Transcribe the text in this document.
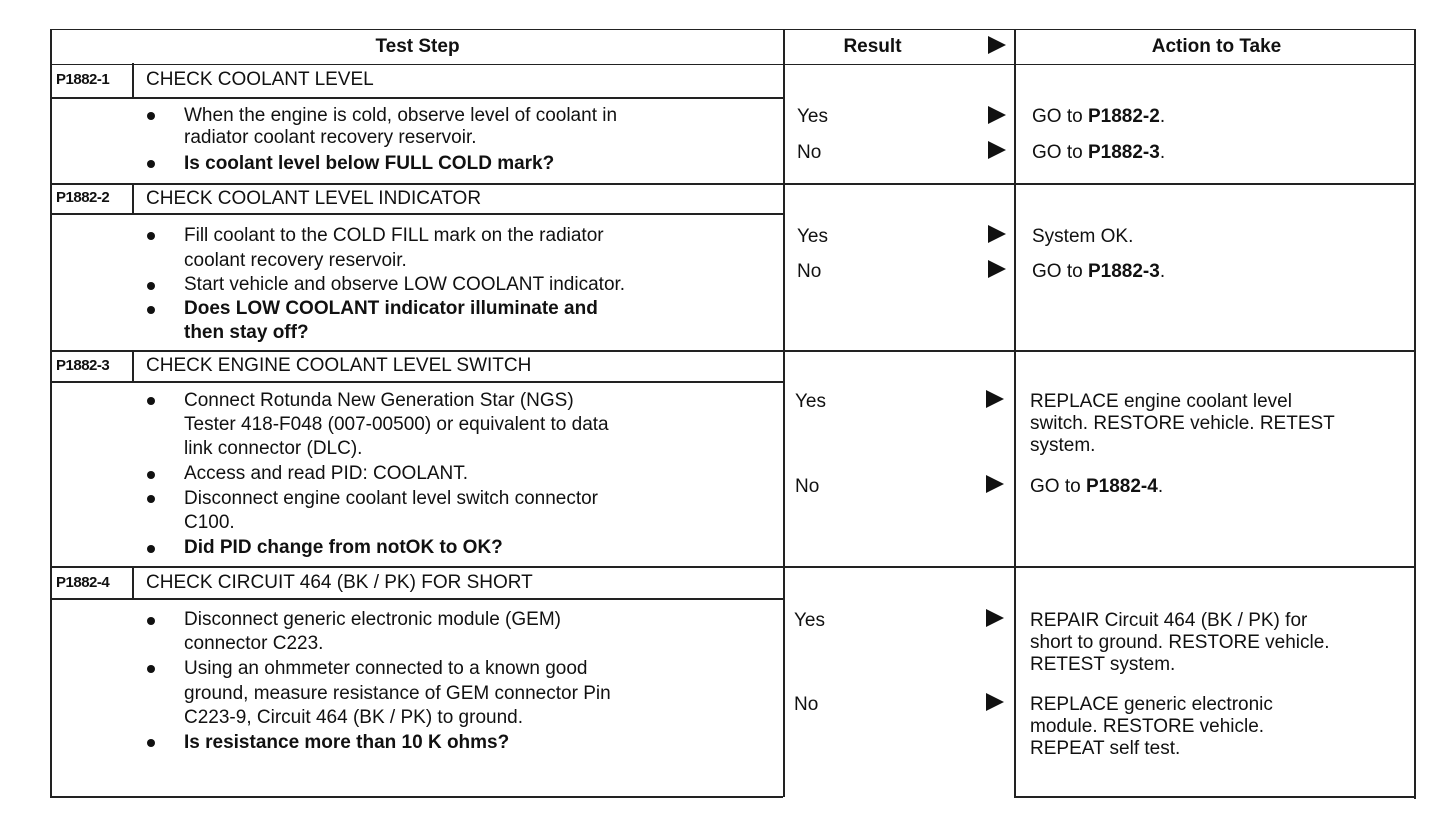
Test Step	Result	Action to Take
P1882-1 CHECK COOLANT LEVEL
When the engine is cold, observe level of coolant in
radiator coolant recovery reservoir.
Is coolant level below FULL COLD mark?
Yes
No
GO to P1882-2.
GO to P1882-3.
P1882-2 CHECK COOLANT LEVEL INDICATOR
Fill coolant to the COLD FILL mark on the radiator
coolant recovery reservoir.
Start vehicle and observe LOW COOLANT indicator.
Does LOW COOLANT indicator illuminate and
then stay off?
Yes
No
System OK.
GO to P1882-3.
P1882-3 CHECK ENGINE COOLANT LEVEL SWITCH
Connect Rotunda New Generation Star (NGS)
Tester 418-F048 (007-00500) or equivalent to data
link connector (DLC).
Access and read PID: COOLANT.
Disconnect engine coolant level switch connector
C100.
Did PID change from notOK to OK?
Yes
No
REPLACE engine coolant level
switch. RESTORE vehicle. RETEST
system.
GO to P1882-4.
P1882-4 CHECK CIRCUIT 464 (BK / PK) FOR SHORT
Disconnect generic electronic module (GEM)
connector C223.
Using an ohmmeter connected to a known good
ground, measure resistance of GEM connector Pin
C223-9, Circuit 464 (BK / PK) to ground.
Is resistance more than 10 K ohms?
Yes
No
REPAIR Circuit 464 (BK / PK) for
short to ground. RESTORE vehicle.
RETEST system.
REPLACE generic electronic
module. RESTORE vehicle.
REPEAT self test.
